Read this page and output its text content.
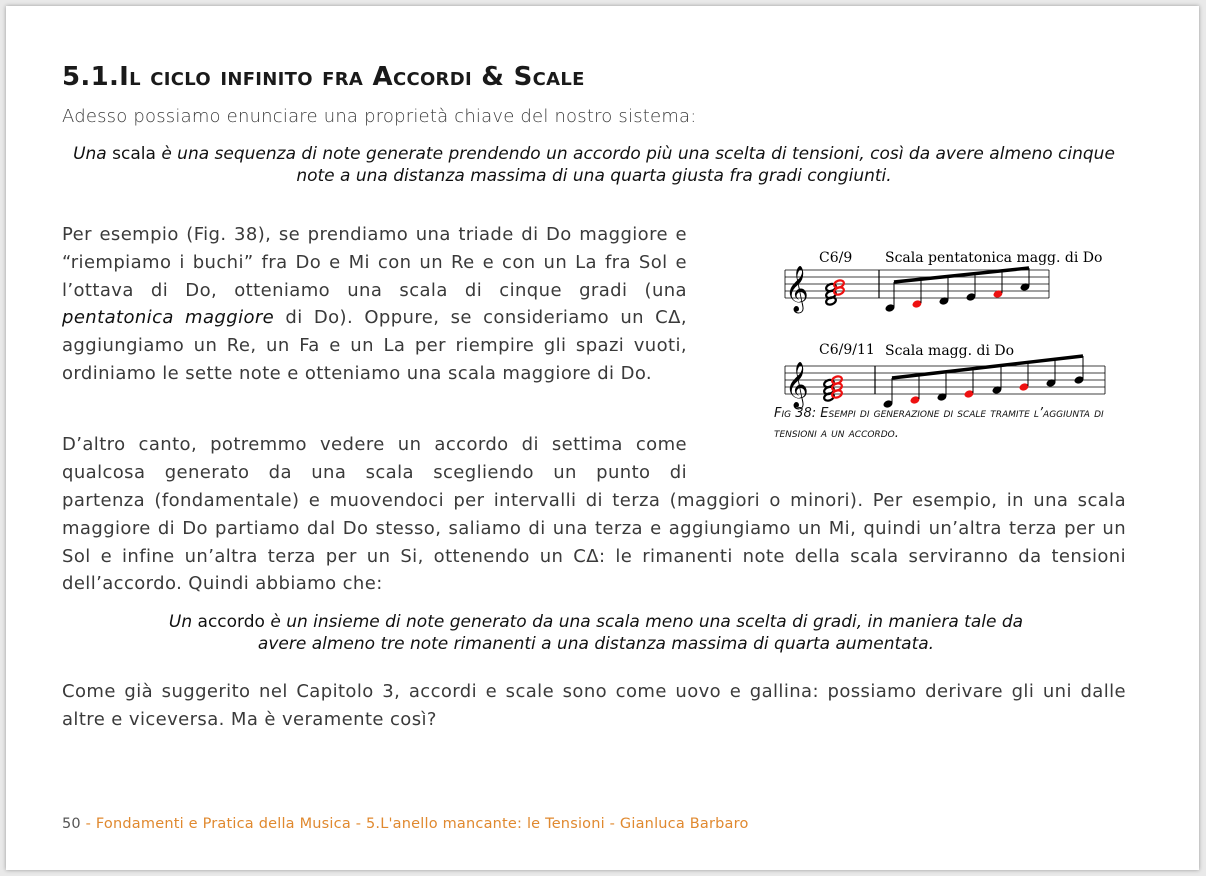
5.1.Il ciclo infinito fra Accordi & Scale
Adesso possiamo enunciare una proprietà chiave del nostro sistema:
Una scala è una sequenza di note generate prendendo un accordo più una scelta di tensioni, così da avere almeno cinque note a una distanza massima di una quarta giusta fra gradi congiunti.
Per esempio (Fig. 38), se prendiamo una triade di Do maggiore e “riempiamo i buchi” fra Do e Mi con un Re e con un La fra Sol e l’ottava di Do, otteniamo una scala di cinque gradi (una pentatonica maggiore di Do). Oppure, se consideriamo un CΔ, aggiungiamo un Re, un Fa e un La per riempire gli spazi vuoti, ordiniamo le sette note e otteniamo una scala maggiore di Do.
C6/9 Scala pentatonica magg. di Do
𝄞
C6/9/11 Scala magg. di Do
𝄞
Fig 38: Esempi di generazione di scale tramite l’aggiunta di tensioni a un accordo.
D’altro canto, potremmo vedere un accordo di settima come qualcosa generato da una scala scegliendo un punto di
partenza (fondamentale) e muovendoci per intervalli di terza (maggiori o minori). Per esempio, in una scala maggiore di Do partiamo dal Do stesso, saliamo di una terza e aggiungiamo un Mi, quindi un’altra terza per un Sol e infine un’altra terza per un Si, ottenendo un CΔ: le rimanenti note della scala serviranno da tensioni dell’accordo. Quindi abbiamo che:
Un accordo è un insieme di note generato da una scala meno una scelta di gradi, in maniera tale da avere almeno tre note rimanenti a una distanza massima di quarta aumentata.
Come già suggerito nel Capitolo 3, accordi e scale sono come uovo e gallina: possiamo derivare gli uni dalle altre e viceversa. Ma è veramente così?
50 - Fondamenti e Pratica della Musica - 5.L'anello mancante: le Tensioni - Gianluca Barbaro
